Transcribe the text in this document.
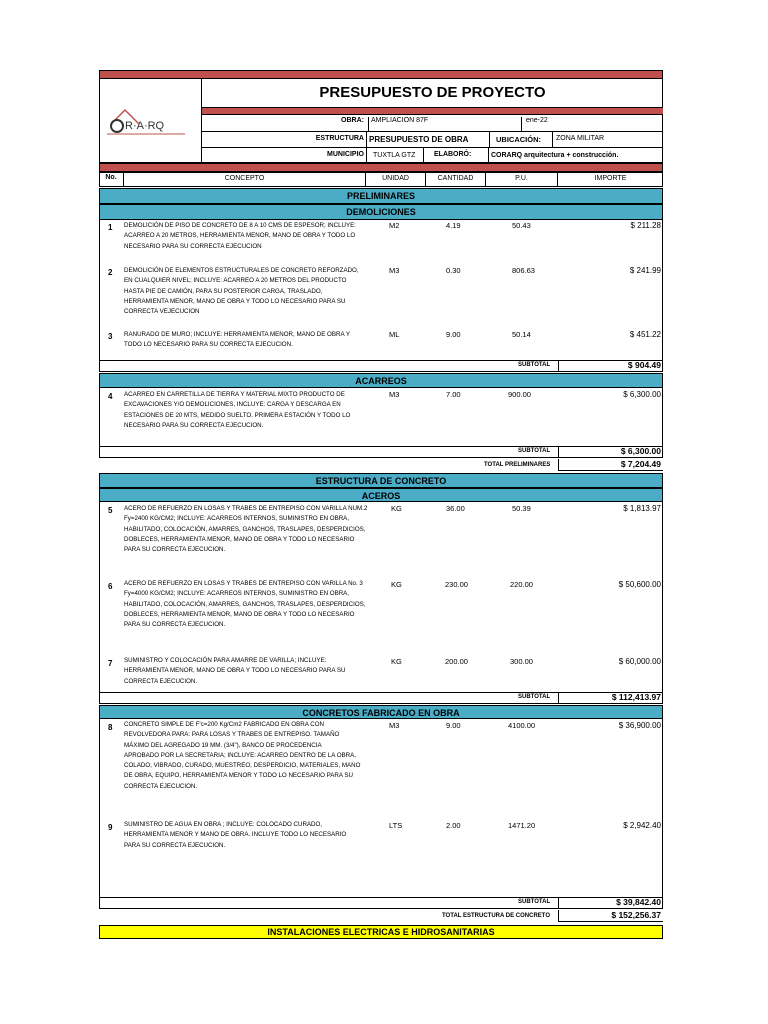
R·A·RQ
PRESUPUESTO DE PROYECTO
OBRA:	AMPLIACION 87F	ene-22
ESTRUCTURA PRESUPUESTO DE OBRA	UBICACIÓN:	ZONA MILITAR
MUNICIPIO	TUXTLA GTZ	ELABORÓ:	CORARQ arquitectura + construcción.
No.	CONCEPTO	UNIDAD	CANTIDAD	P.U.	IMPORTE
PRELIMINARES
DEMOLICIONES
1 DEMOLICIÓN DE PISO DE CONCRETO DE 8 A 10 CMS DE ESPESOR; INCLUYE:
ACARREO A 20 METROS, HERRAMIENTA MENOR, MANO DE OBRA Y TODO LO
NECESARIO PARA SU CORRECTA EJECUCION
M2	4.19	50.43	$ 211.28
2 DEMOLICIÓN DE ELEMENTOS ESTRUCTURALES DE CONCRETO REFORZADO,
EN CUALQUIER NIVEL; INCLUYE: ACARREO A 20 METROS DEL PRODUCTO
HASTA PIE DE CAMIÓN, PARA SU POSTERIOR CARGA, TRASLADO,
HERRAMIENTA MENOR, MANO DE OBRA Y TODO LO NECESARIO PARA SU
CORRECTA VEJECUCION
M3	0.30	806.63	$ 241.99
3 RANURADO DE MURO; INCLUYE: HERRAMIENTA MENOR, MANO DE OBRA Y
TODO LO NECESARIO PARA SU CORRECTA EJECUCION.
ML	9.00	50.14	$ 451.22
SUBTOTAL	$ 904.49
ACARREOS
4 ACARREO EN CARRETILLA DE TIERRA Y MATERIAL MIXTO PRODUCTO DE
EXCAVACIONES Y/O DEMOLICIONES, INCLUYE: CARGA Y DESCARGA EN
ESTACIONES DE 20 MTS, MEDIDO SUELTO. PRIMERA ESTACIÓN Y TODO LO
NECESARIO PARA SU CORRECTA EJECUCION.
M3	7.00	900.00	$ 6,300.00
SUBTOTAL	$ 6,300.00
TOTAL PRELIMINARES	$ 7,204.49
ESTRUCTURA DE CONCRETO
ACEROS
5 ACERO DE REFUERZO EN LOSAS Y TRABES DE ENTREPISO CON VARILLA NUM.2
Fy=2400 KG/CM2; INCLUYE: ACARREOS INTERNOS, SUMINISTRO EN OBRA,
HABILITADO, COLOCACIÓN, AMARRES, GANCHOS, TRASLAPES, DESPERDICIOS,
DOBLECES, HERRAMIENTA MENOR, MANO DE OBRA Y TODO LO NECESARIO
PARA SU CORRECTA EJECUCION.
KG	36.00	50.39	$ 1,813.97
6 ACERO DE REFUERZO EN LOSAS Y TRABES DE ENTREPISO CON VARILLA No. 3
Fy=4000 KG/CM2; INCLUYE: ACARREOS INTERNOS, SUMINISTRO EN OBRA,
HABILITADO, COLOCACIÓN, AMARRES, GANCHOS, TRASLAPES, DESPERDICIOS,
DOBLECES, HERRAMIENTA MENOR, MANO DE OBRA Y TODO LO NECESARIO
PARA SU CORRECTA EJECUCION.
KG	230.00	220.00	$ 50,600.00
7 SUMINISTRO Y COLOCACIÓN PARA AMARRE DE VARILLA; INCLUYE:
HERRAMIENTA MENOR, MANO DE OBRA Y TODO LO NECESARIO PARA SU
CORRECTA EJECUCION.
KG	200.00	300.00	$ 60,000.00
SUBTOTAL	$ 112,413.97
CONCRETOS FABRICADO EN OBRA
8 CONCRETO SIMPLE DE F'c=200 Kg/Cm2 FABRICADO EN OBRA CON
REVOLVEDORA PARA: PARA LOSAS Y TRABES DE ENTREPISO. TAMAÑO
MÁXIMO DEL AGREGADO 19 MM. (3/4"), BANCO DE PROCEDENCIA
APROBADO POR LA SECRETARIA; INCLUYE: ACARREO DENTRO DE LA OBRA,
COLADO, VIBRADO, CURADO, MUESTREO, DESPERDICIO, MATERIALES, MANO
DE OBRA, EQUIPO, HERRAMIENTA MENOR Y TODO LO NECESARIO PARA SU
CORRECTA EJECUCION.
M3	9.00	4100.00	$ 36,900.00
9 SUMINISTRO DE AGUA EN OBRA ; INCLUYE: COLOCADO CURADO,
HERRAMIENTA MENOR Y MANO DE OBRA. INCLUYE TODO LO NECESARIO
PARA SU CORRECTA EJECUCION.
LTS	2.00	1471.20	$ 2,942.40
SUBTOTAL	$ 39,842.40
TOTAL ESTRUCTURA DE CONCRETO	$ 152,256.37
INSTALACIONES ELECTRICAS E HIDROSANITARIAS
